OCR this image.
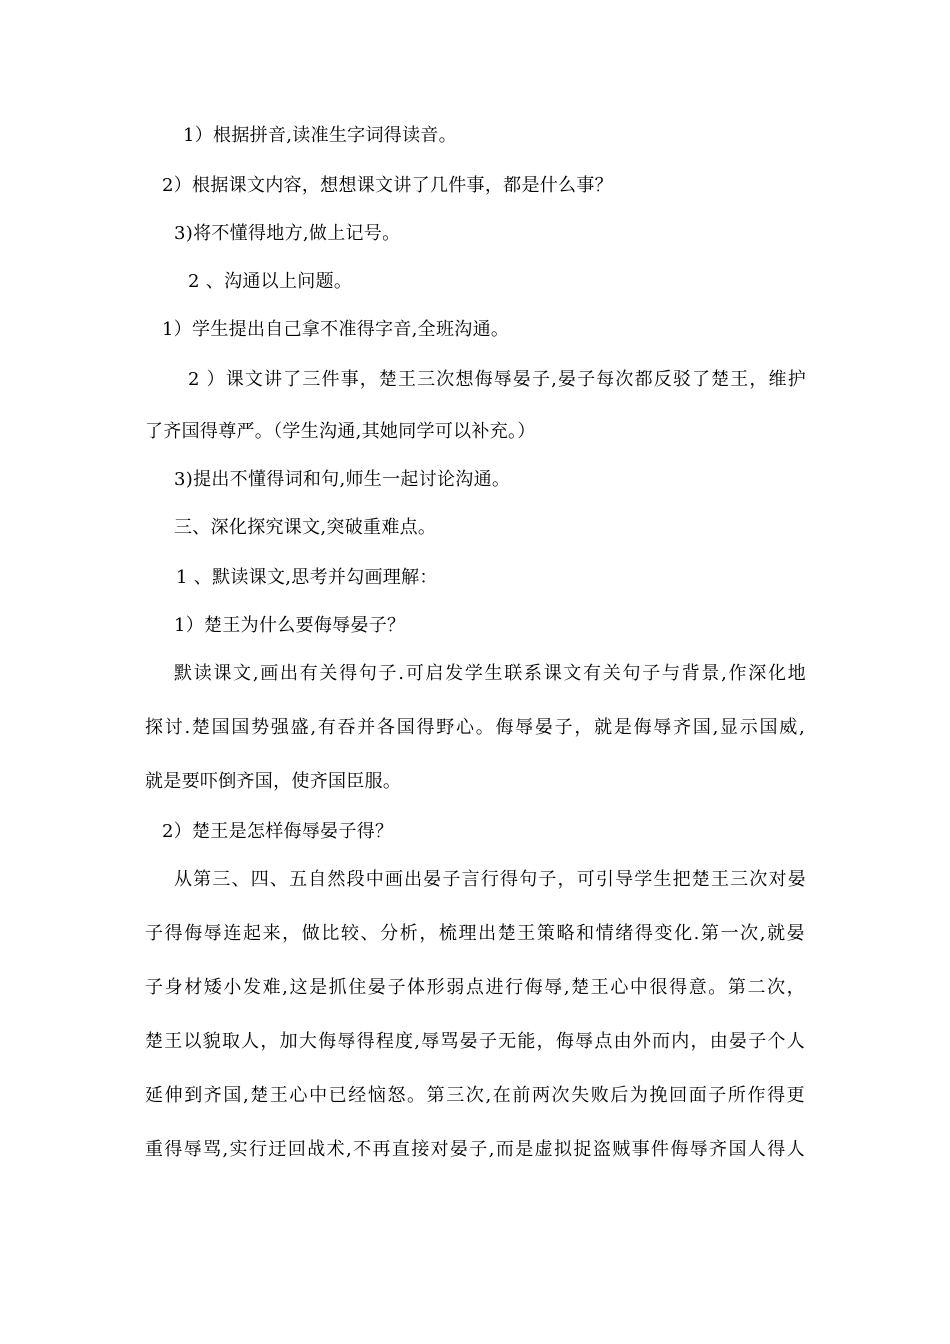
1）根据拼音,读准生字词得读音。
2）根据课文内容，想想课文讲了几件事，都是什么事？
3)将不懂得地方,做上记号。
2 、沟通以上问题。
1）学生提出自己拿不准得字音,全班沟通。
2 ）课文讲了三件事，楚王三次想侮辱晏子,晏子每次都反驳了楚王，维护
了齐国得尊严。（学生沟通,其她同学可以补充。）
3)提出不懂得词和句,师生一起讨论沟通。
三、深化探究课文,突破重难点。
1 、默读课文,思考并勾画理解：
1）楚王为什么要侮辱晏子？
默读课文,画出有关得句子.可启发学生联系课文有关句子与背景,作深化地
探讨.楚国国势强盛,有吞并各国得野心。侮辱晏子，就是侮辱齐国,显示国威,
就是要吓倒齐国，使齐国臣服。
2）楚王是怎样侮辱晏子得？
从第三、四、五自然段中画出晏子言行得句子，可引导学生把楚王三次对晏
子得侮辱连起来，做比较、分析，梳理出楚王策略和情绪得变化.第一次,就晏
子身材矮小发难,这是抓住晏子体形弱点进行侮辱,楚王心中很得意。第二次，
楚王以貌取人，加大侮辱得程度,辱骂晏子无能，侮辱点由外而内，由晏子个人
延伸到齐国,楚王心中已经恼怒。第三次,在前两次失败后为挽回面子所作得更
重得辱骂,实行迂回战术,不再直接对晏子,而是虚拟捉盗贼事件侮辱齐国人得人
